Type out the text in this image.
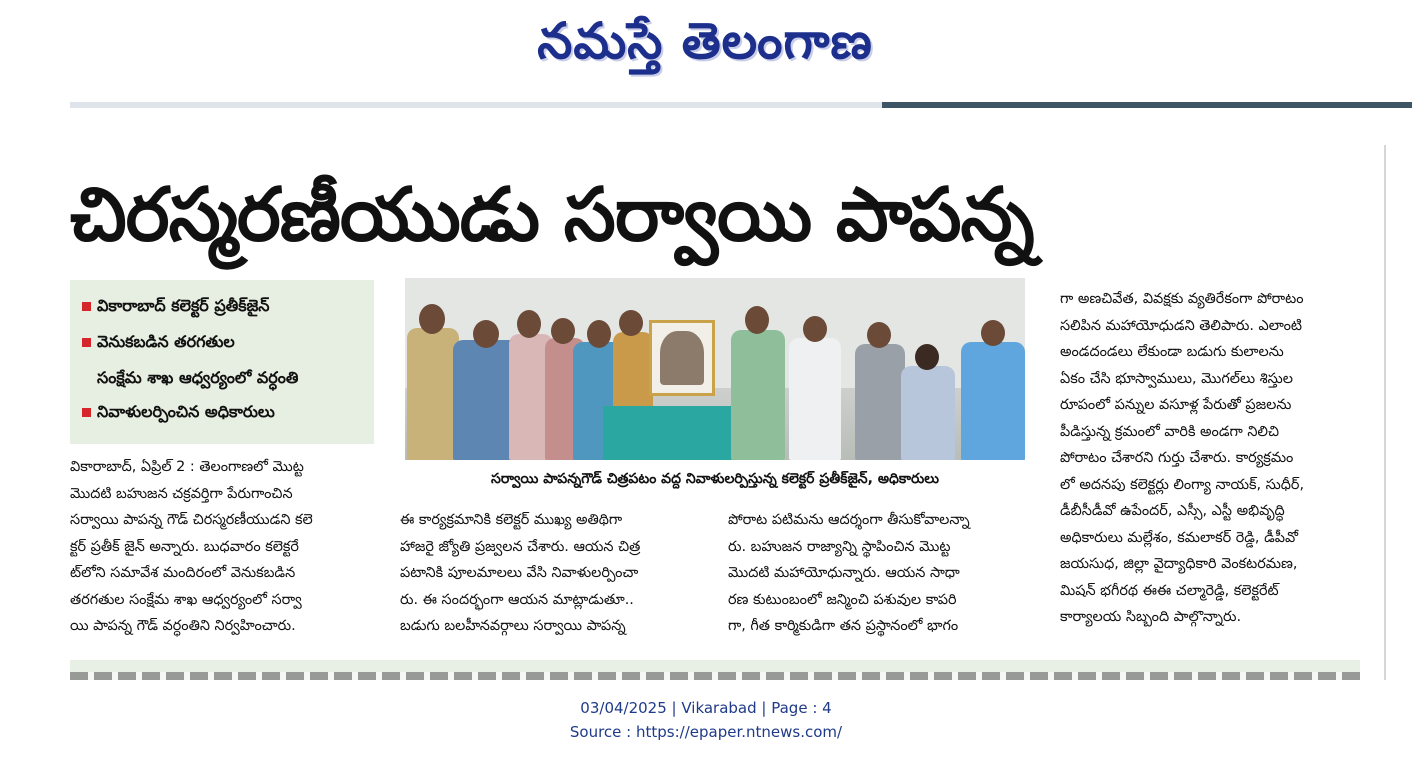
నమస్తే తెలంగాణ
చిరస్మరణీయుడు సర్వాయి పాపన్న
వికారాబాద్ కలెక్టర్ ప్రతీక్‌జైన్
వెనుకబడిన తరగతుల
సంక్షేమ శాఖ ఆధ్వర్యంలో వర్ధంతి
నివాళులర్పించిన అధికారులు
సర్వాయి పాపన్నగౌడ్ చిత్రపటం వద్ద నివాళులర్పిస్తున్న కలెక్టర్ ప్రతీక్‌జైన్, అధికారులు
వికారాబాద్, ఏప్రిల్ 2 : తెలంగాణలో మొట్ట
మొదటి బహుజన చక్రవర్తిగా పేరుగాంచిన
సర్వాయి పాపన్న గౌడ్ చిరస్మరణీయుడని కలె
క్టర్ ప్రతీక్ జైన్ అన్నారు. బుధవారం కలెక్టరే
ట్‌లోని సమావేశ మందిరంలో వెనుకబడిన
తరగతుల సంక్షేమ శాఖ ఆధ్వర్యంలో సర్వా
యి పాపన్న గౌడ్ వర్ధంతిని నిర్వహించారు.
ఈ కార్యక్రమానికి కలెక్టర్ ముఖ్య అతిథిగా
హాజరై జ్యోతి ప్రజ్వలన చేశారు. ఆయన చిత్ర
పటానికి పూలమాలలు వేసి నివాళులర్పించా
రు. ఈ సందర్భంగా ఆయన మాట్లాడుతూ..
బడుగు బలహీనవర్గాలు సర్వాయి పాపన్న
పోరాట పటిమను ఆదర్శంగా తీసుకోవాలన్నా
రు. బహుజన రాజ్యాన్ని స్థాపించిన మొట్ట
మొదటి మహాయోధున్నారు. ఆయన సాధా
రణ కుటుంబంలో జన్మించి పశువుల కాపరి
గా, గీత కార్మికుడిగా తన ప్రస్థానంలో భాగం
గా అణచివేత, వివక్షకు వ్యతిరేకంగా పోరాటం
సలిపిన మహాయోధుడని తెలిపారు. ఎలాంటి
అండదండలు లేకుండా బడుగు కులాలను
ఏకం చేసి భూస్వాములు, మొగల్‌లు శిస్తుల
రూపంలో పన్నుల వసూళ్ల పేరుతో ప్రజలను
పీడిస్తున్న క్రమంలో వారికి అండగా నిలిచి
పోరాటం చేశారని గుర్తు చేశారు. కార్యక్రమం
లో అదనపు కలెక్టర్లు లింగ్యా నాయక్, సుధీర్,
డీబీసీడీవో ఉపేందర్, ఎస్సీ, ఎస్టీ అభివృద్ధి
అధికారులు మల్లేశం, కమలాకర్ రెడ్డి, డీపీవో
జయసుధ, జిల్లా వైద్యాధికారి వెంకటరమణ,
మిషన్ భగీరథ ఈఈ చల్మారెడ్డి, కలెక్టరేట్
కార్యాలయ సిబ్బంది పాల్గొన్నారు.
03/04/2025 | Vikarabad | Page : 4
Source : https://epaper.ntnews.com/
